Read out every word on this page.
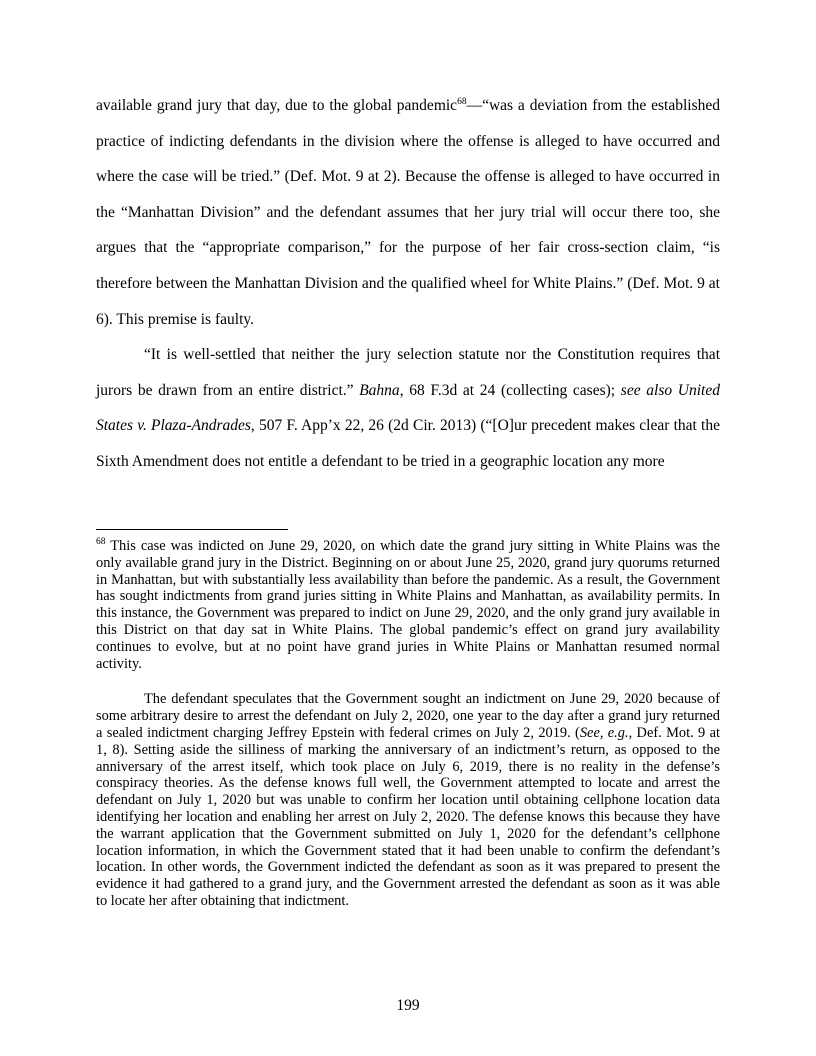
available grand jury that day, due to the global pandemic$^{68}$—“was a deviation from the established practice of indicting defendants in the division where the offense is alleged to have occurred and where the case will be tried.” (Def. Mot. 9 at 2). Because the offense is alleged to have occurred in the “Manhattan Division” and the defendant assumes that her jury trial will occur there too, she argues that the “appropriate comparison,” for the purpose of her fair cross-section claim, “is therefore between the Manhattan Division and the qualified wheel for White Plains.” (Def. Mot. 9 at 6). This premise is faulty.

“It is well-settled that neither the jury selection statute nor the Constitution requires that jurors be drawn from an entire district.” Bahna, 68 F.3d at 24 (collecting cases); see also United States v. Plaza-Andrades, 507 F. App’x 22, 26 (2d Cir. 2013) (“[O]ur precedent makes clear that the Sixth Amendment does not entitle a defendant to be tried in a geographic location any more

$^{68}$ This case was indicted on June 29, 2020, on which date the grand jury sitting in White Plains was the only available grand jury in the District. Beginning on or about June 25, 2020, grand jury quorums returned in Manhattan, but with substantially less availability than before the pandemic. As a result, the Government has sought indictments from grand juries sitting in White Plains and Manhattan, as availability permits. In this instance, the Government was prepared to indict on June 29, 2020, and the only grand jury available in this District on that day sat in White Plains. The global pandemic’s effect on grand jury availability continues to evolve, but at no point have grand juries in White Plains or Manhattan resumed normal activity.

The defendant speculates that the Government sought an indictment on June 29, 2020 because of some arbitrary desire to arrest the defendant on July 2, 2020, one year to the day after a grand jury returned a sealed indictment charging Jeffrey Epstein with federal crimes on July 2, 2019. (See, e.g., Def. Mot. 9 at 1, 8). Setting aside the silliness of marking the anniversary of an indictment’s return, as opposed to the anniversary of the arrest itself, which took place on July 6, 2019, there is no reality in the defense’s conspiracy theories. As the defense knows full well, the Government attempted to locate and arrest the defendant on July 1, 2020 but was unable to confirm her location until obtaining cellphone location data identifying her location and enabling her arrest on July 2, 2020. The defense knows this because they have the warrant application that the Government submitted on July 1, 2020 for the defendant’s cellphone location information, in which the Government stated that it had been unable to confirm the defendant’s location. In other words, the Government indicted the defendant as soon as it was prepared to present the evidence it had gathered to a grand jury, and the Government arrested the defendant as soon as it was able to locate her after obtaining that indictment.

199
